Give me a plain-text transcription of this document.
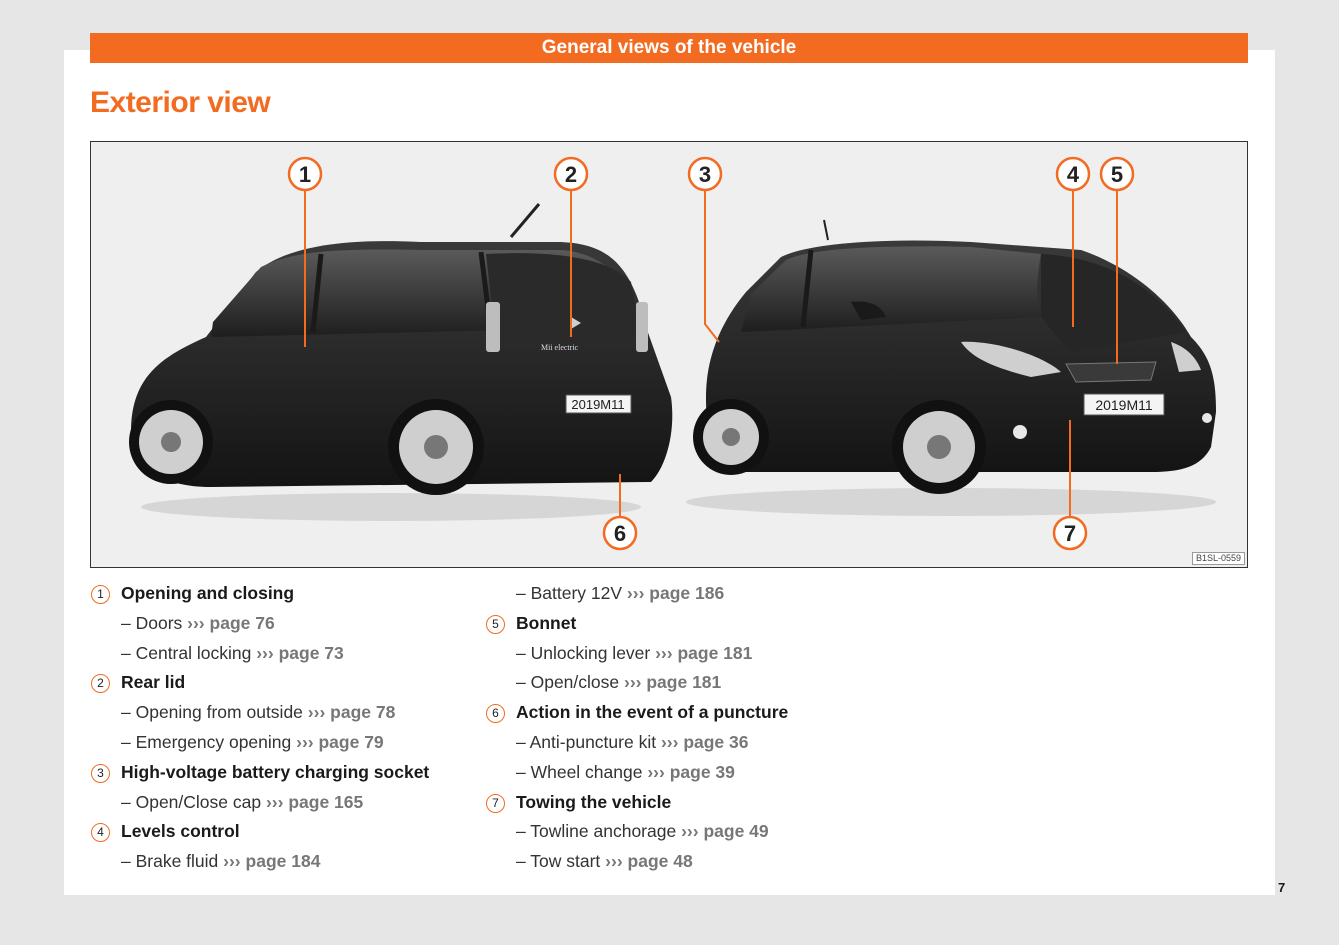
General views of the vehicle
Exterior view
2019M11
Mii electric
2019M11
1	2	3	4 5
6	7
B1SL-0559
1 Opening and closing
– Doors ››› page 76
– Central locking ››› page 73
2 Rear lid
– Opening from outside ››› page 78
– Emergency opening ››› page 79
3 High-voltage battery charging socket
– Open/Close cap ››› page 165
4 Levels control
– Brake fluid ››› page 184
– Battery 12V ››› page 186
5 Bonnet
– Unlocking lever ››› page 181
– Open/close ››› page 181
6 Action in the event of a puncture
– Anti-puncture kit ››› page 36
– Wheel change ››› page 39
7 Towing the vehicle
– Towline anchorage ››› page 49
– Tow start ››› page 48
7
